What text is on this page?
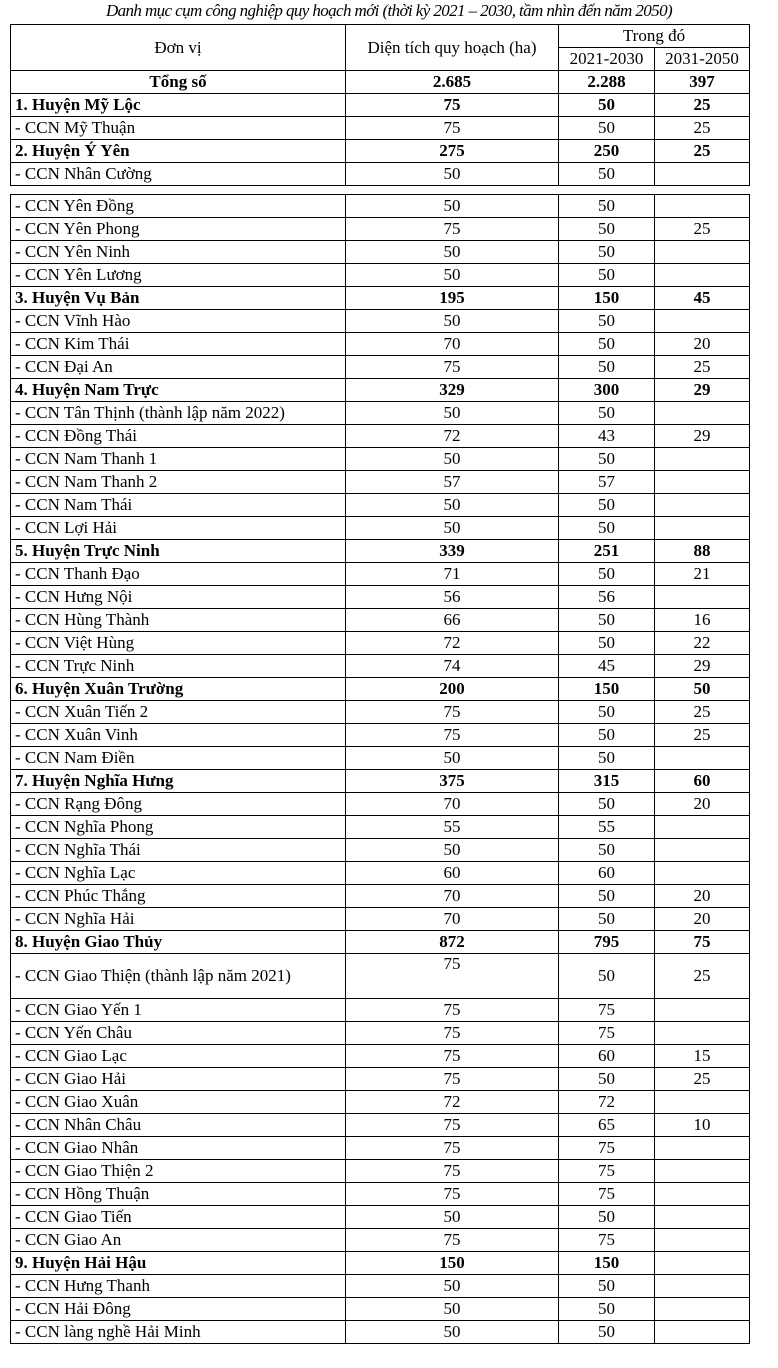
Danh mục cụm công nghiệp quy hoạch mới (thời kỳ 2021 – 2030, tầm nhìn đến năm 2050)
Đơn vị	Diện tích quy hoạch (ha)	Trong đó	
		2021-2030	2031-2050
Tổng số	2.685	2.288	397
1. Huyện Mỹ Lộc	75	50	25
- CCN Mỹ Thuận	75	50	25
2. Huyện Ý Yên	275	250	25
- CCN Nhân Cường	50	50	

- CCN Yên Đồng	50	50	
- CCN Yên Phong	75	50	25
- CCN Yên Ninh	50	50	
- CCN Yên Lương	50	50	
3. Huyện Vụ Bản	195	150	45
- CCN Vĩnh Hào	50	50	
- CCN Kim Thái	70	50	20
- CCN Đại An	75	50	25
4. Huyện Nam Trực	329	300	29
- CCN Tân Thịnh (thành lập năm 2022)	50	50	
- CCN Đồng Thái	72	43	29
- CCN Nam Thanh 1	50	50	
- CCN Nam Thanh 2	57	57	
- CCN Nam Thái	50	50	
- CCN Lợi Hải	50	50	
5. Huyện Trực Ninh	339	251	88
- CCN Thanh Đạo	71	50	21
- CCN Hưng Nội	56	56	
- CCN Hùng Thành	66	50	16
- CCN Việt Hùng	72	50	22
- CCN Trực Ninh	74	45	29
6. Huyện Xuân Trường	200	150	50
- CCN Xuân Tiến 2	75	50	25
- CCN Xuân Vinh	75	50	25
- CCN Nam Điền	50	50	
7. Huyện Nghĩa Hưng	375	315	60
- CCN Rạng Đông	70	50	20
- CCN Nghĩa Phong	55	55	
- CCN Nghĩa Thái	50	50	
- CCN Nghĩa Lạc	60	60	
- CCN Phúc Thắng	70	50	20
- CCN Nghĩa Hải	70	50	20
8. Huyện Giao Thủy	872	795	75
- CCN Giao Thiện (thành lập năm 2021)	75	50	25
- CCN Giao Yến 1	75	75	
- CCN Yến Châu	75	75	
- CCN Giao Lạc	75	60	15
- CCN Giao Hải	75	50	25
- CCN Giao Xuân	72	72	
- CCN Nhân Châu	75	65	10
- CCN Giao Nhân	75	75	
- CCN Giao Thiện 2	75	75	
- CCN Hồng Thuận	75	75	
- CCN Giao Tiến	50	50	
- CCN Giao An	75	75	
9. Huyện Hải Hậu	150	150	
- CCN Hưng Thanh	50	50	
- CCN Hải Đông	50	50	
- CCN làng nghề Hải Minh	50	50	
